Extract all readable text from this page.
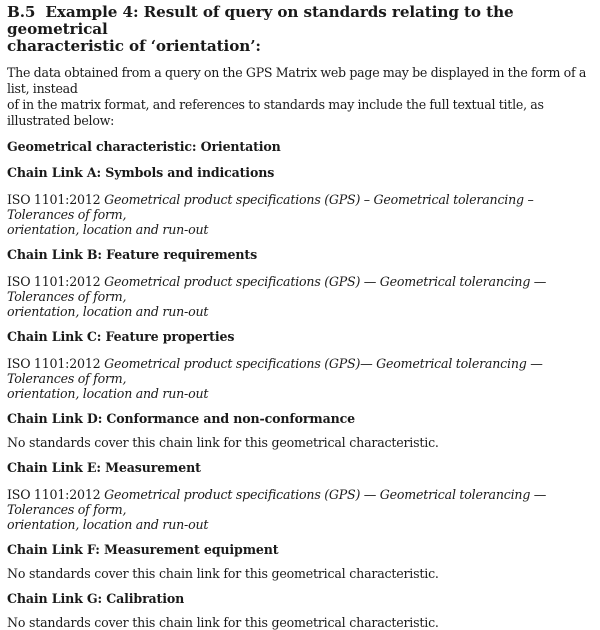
B.5 Example 4: Result of query on standards relating to the geometrical
characteristic of ‘orientation’:
The data obtained from a query on the GPS Matrix web page may be displayed in the form of a list, instead
of in the matrix format, and references to standards may include the full textual title, as illustrated below:
Geometrical characteristic: Orientation
Chain Link A: Symbols and indications
ISO 1101:2012 Geometrical product specifications (GPS) – Geometrical tolerancing – Tolerances of form,
orientation, location and run-out
Chain Link B: Feature requirements
ISO 1101:2012 Geometrical product specifications (GPS) — Geometrical tolerancing — Tolerances of form,
orientation, location and run-out
Chain Link C: Feature properties
ISO 1101:2012 Geometrical product specifications (GPS)— Geometrical tolerancing — Tolerances of form,
orientation, location and run-out
Chain Link D: Conformance and non-conformance
No standards cover this chain link for this geometrical characteristic.
Chain Link E: Measurement
ISO 1101:2012 Geometrical product specifications (GPS) — Geometrical tolerancing — Tolerances of form,
orientation, location and run-out
Chain Link F: Measurement equipment
No standards cover this chain link for this geometrical characteristic.
Chain Link G: Calibration
No standards cover this chain link for this geometrical characteristic.
